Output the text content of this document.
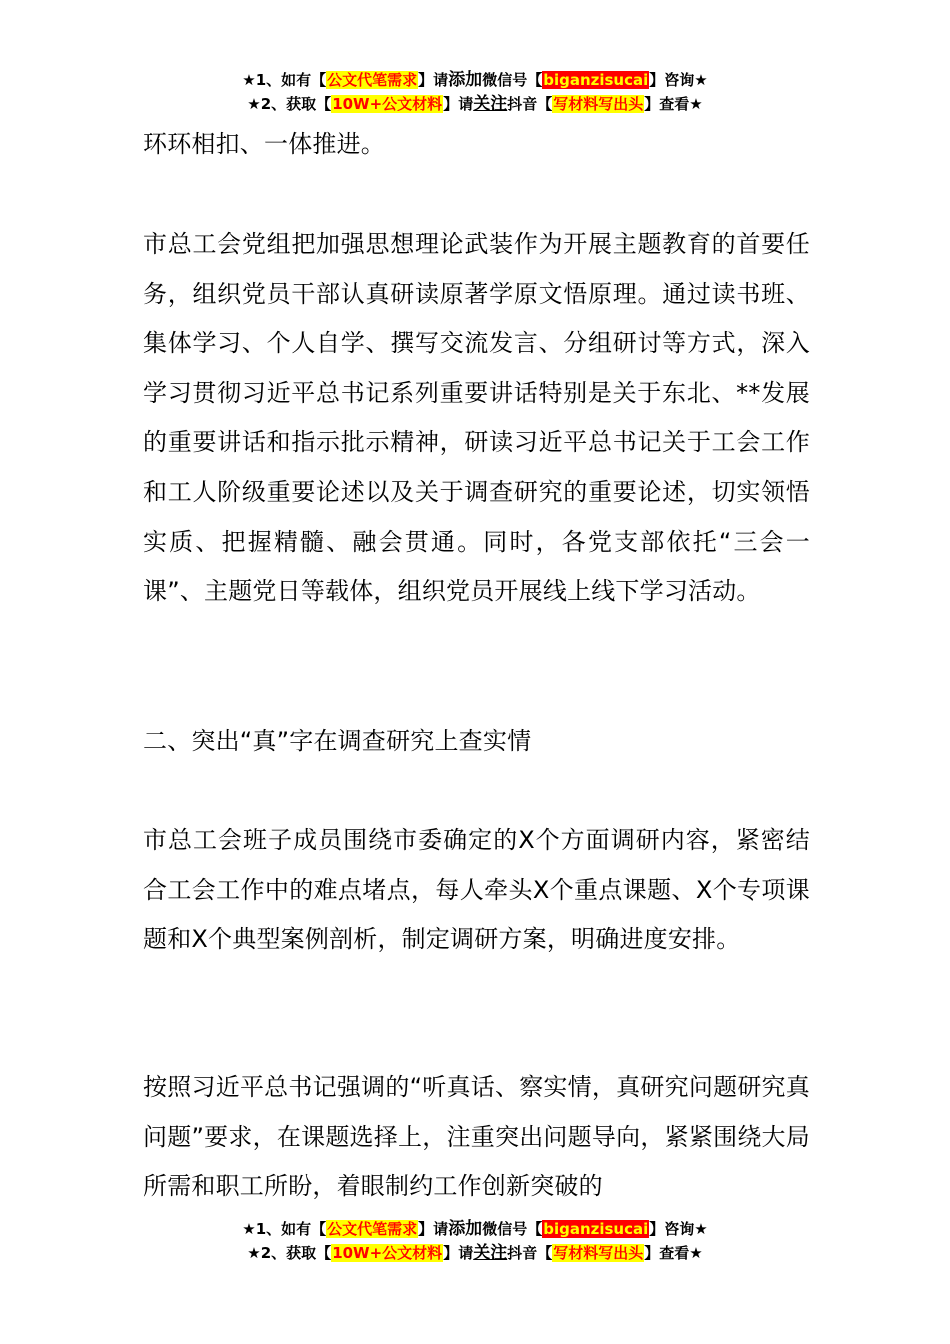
★1、如有【公文代笔需求】请添加微信号【biganzisucai】咨询★
★2、获取【10W+公文材料】请关注抖音【写材料写出头】查看★

环环相扣、一体推进。

市总工会党组把加强思想理论武装作为开展主题教育的首要任务，组织党员干部认真研读原著学原文悟原理。通过读书班、集体学习、个人自学、撰写交流发言、分组研讨等方式，深入学习贯彻习近平总书记系列重要讲话特别是关于东北、**发展的重要讲话和指示批示精神，研读习近平总书记关于工会工作和工人阶级重要论述以及关于调查研究的重要论述，切实领悟实质、把握精髓、融会贯通。同时，各党支部依托“三会一课”、主题党日等载体，组织党员开展线上线下学习活动。

二、突出“真”字在调查研究上查实情

市总工会班子成员围绕市委确定的X个方面调研内容，紧密结合工会工作中的难点堵点，每人牵头X个重点课题、X个专项课题和X个典型案例剖析，制定调研方案，明确进度安排。

按照习近平总书记强调的“听真话、察实情，真研究问题研究真问题”要求，在课题选择上，注重突出问题导向，紧紧围绕大局所需和职工所盼，着眼制约工作创新突破的

★1、如有【公文代笔需求】请添加微信号【biganzisucai】咨询★
★2、获取【10W+公文材料】请关注抖音【写材料写出头】查看★
